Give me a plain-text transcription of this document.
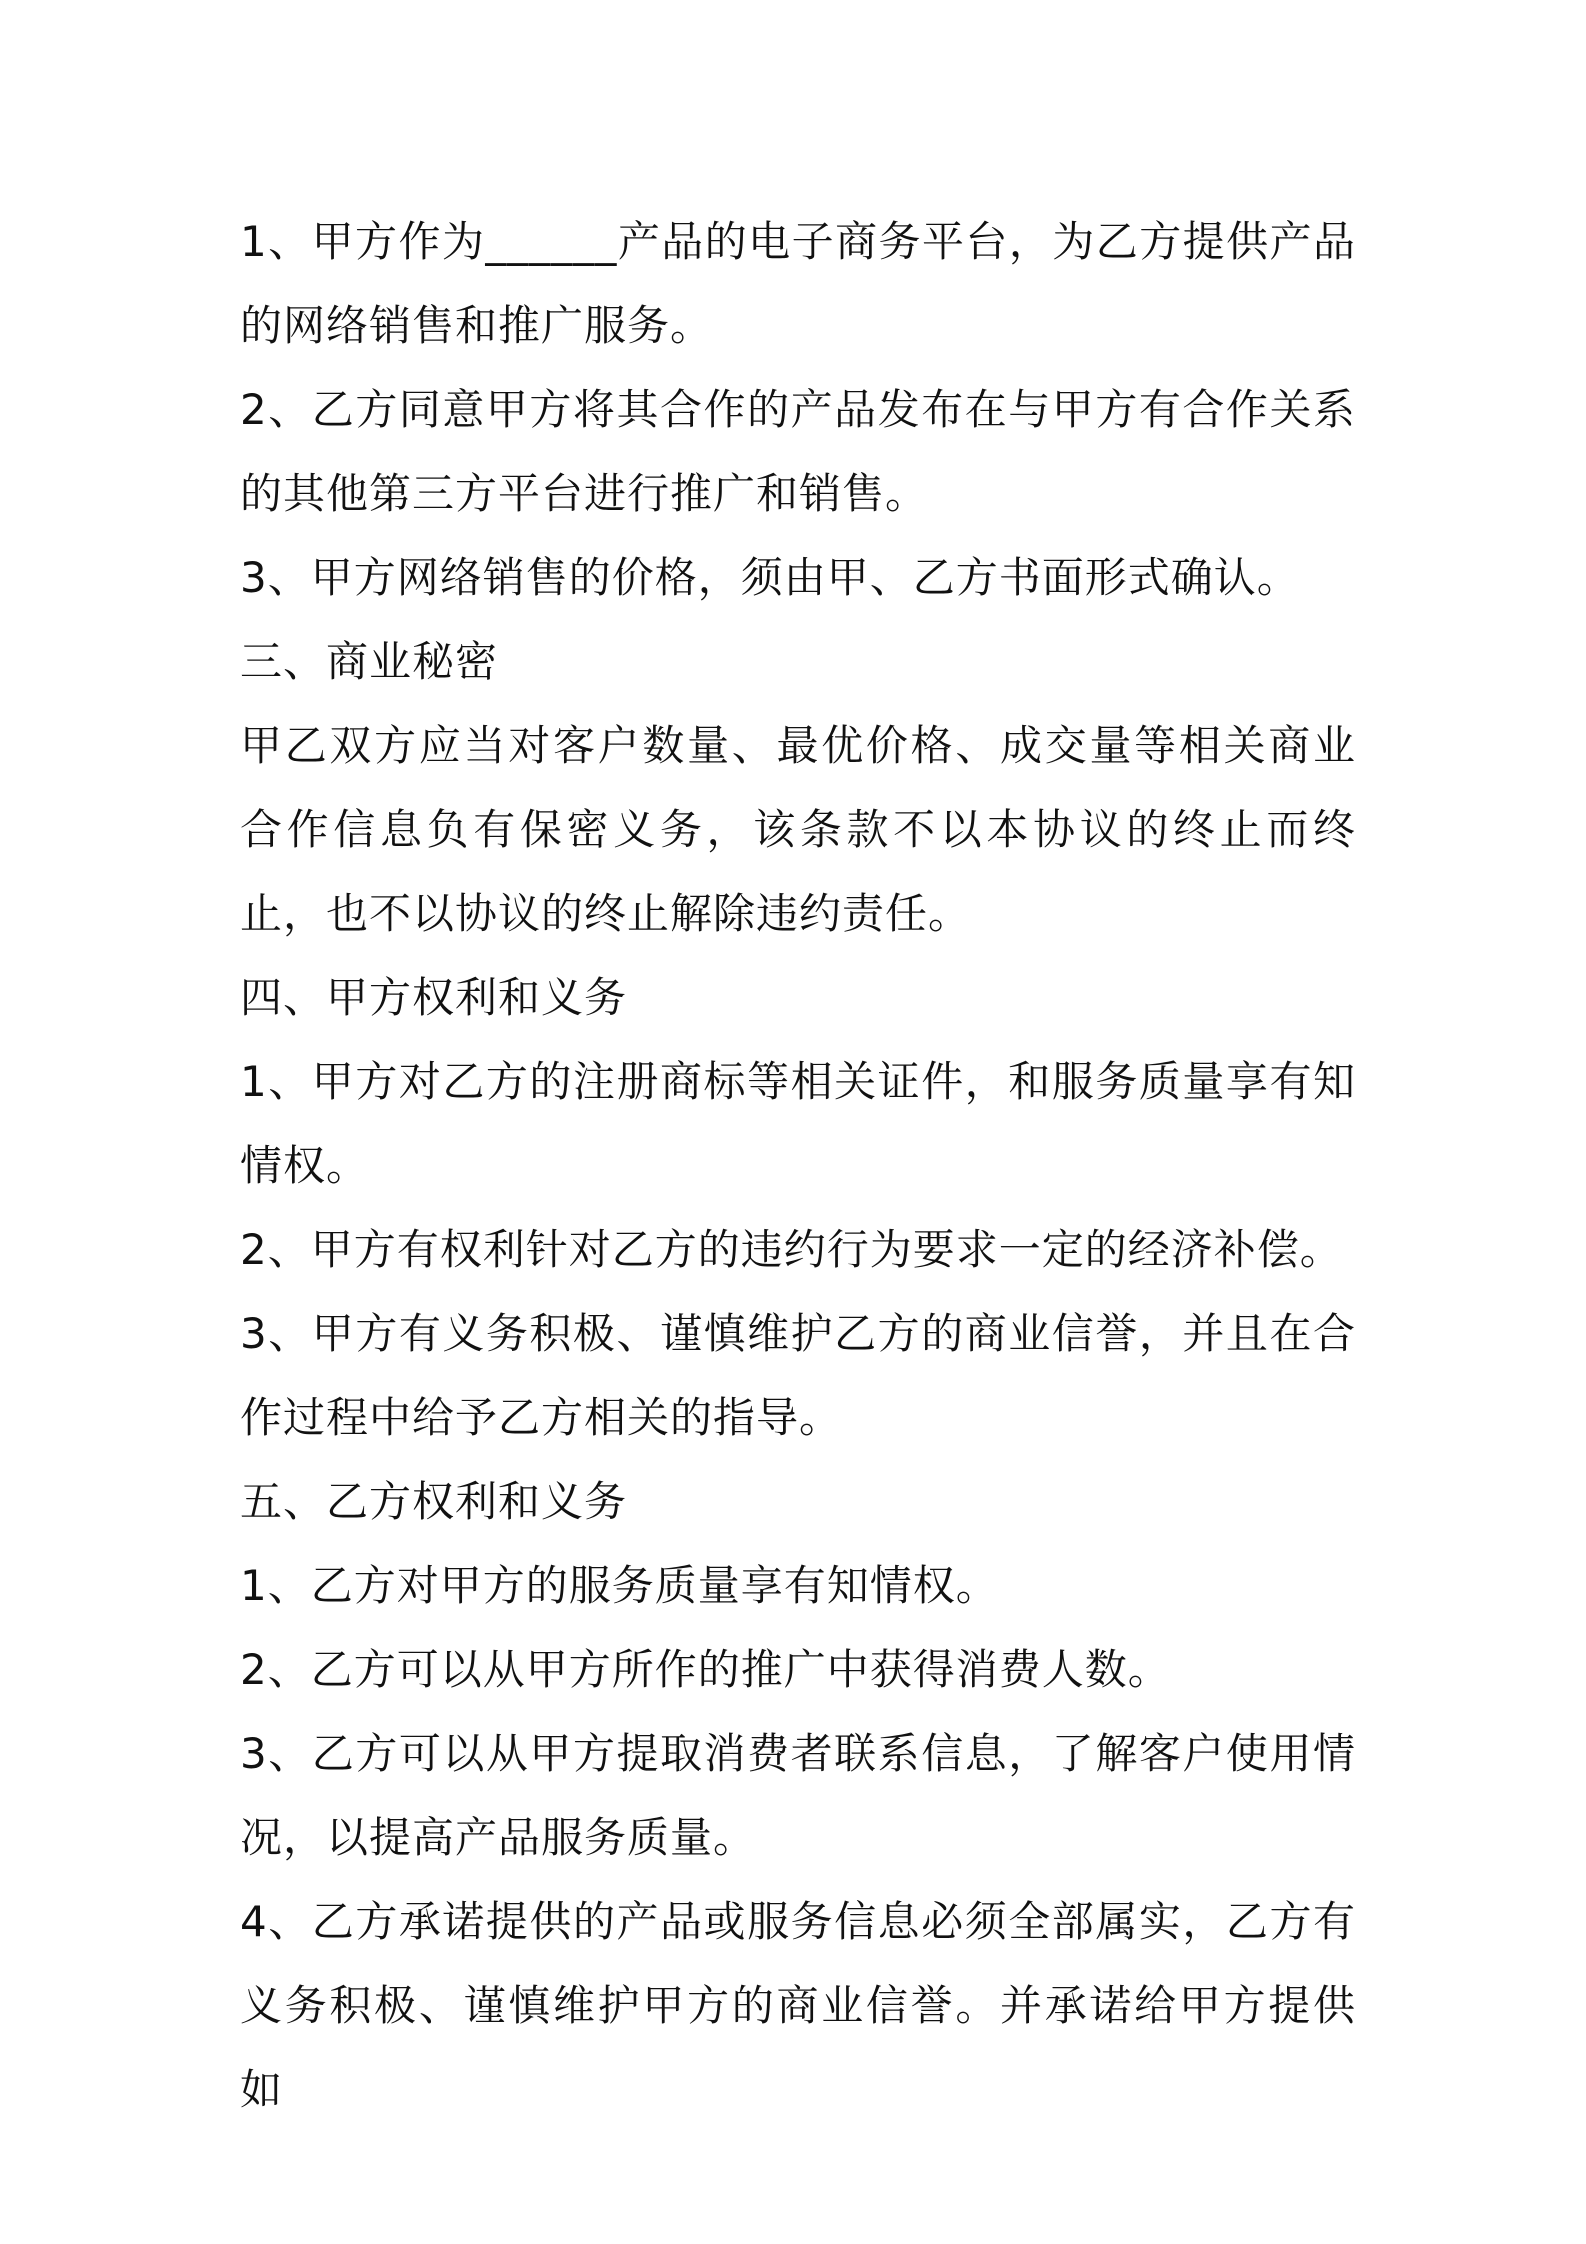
1、甲方作为______产品的电子商务平台，为乙方提供产品的网络销售和推广服务。

2、乙方同意甲方将其合作的产品发布在与甲方有合作关系的其他第三方平台进行推广和销售。

3、甲方网络销售的价格，须由甲、乙方书面形式确认。

三、商业秘密

甲乙双方应当对客户数量、最优价格、成交量等相关商业合作信息负有保密义务，该条款不以本协议的终止而终止，也不以协议的终止解除违约责任。

四、甲方权利和义务

1、甲方对乙方的注册商标等相关证件，和服务质量享有知情权。

2、甲方有权利针对乙方的违约行为要求一定的经济补偿。

3、甲方有义务积极、谨慎维护乙方的商业信誉，并且在合作过程中给予乙方相关的指导。

五、乙方权利和义务

1、乙方对甲方的服务质量享有知情权。

2、乙方可以从甲方所作的推广中获得消费人数。

3、乙方可以从甲方提取消费者联系信息，了解客户使用情况，以提高产品服务质量。

4、乙方承诺提供的产品或服务信息必须全部属实，乙方有义务积极、谨慎维护甲方的商业信誉。并承诺给甲方提供如
